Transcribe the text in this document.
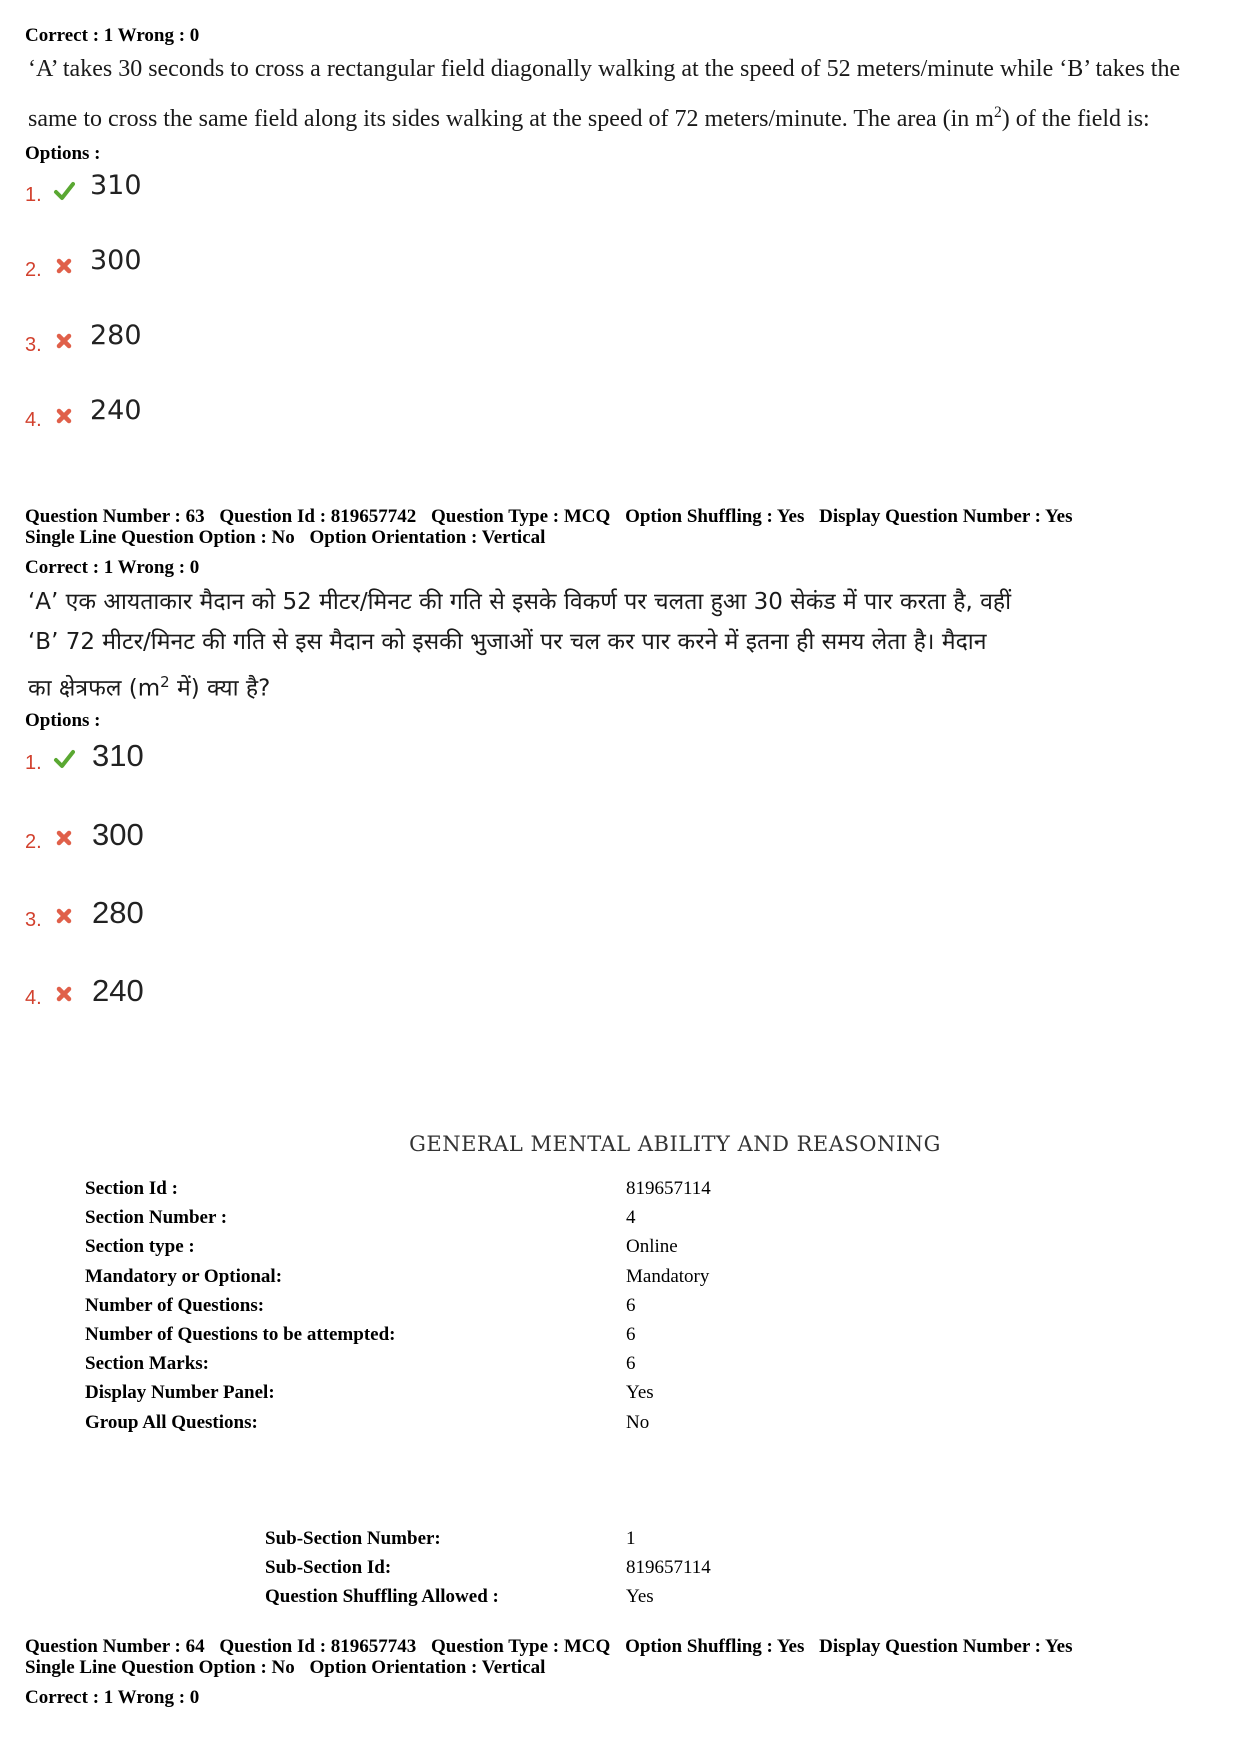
Correct : 1 Wrong : 0
‘A’ takes 30 seconds to cross a rectangular field diagonally walking at the speed of 52 meters/minute while ‘B’ takes the
same to cross the same field along its sides walking at the speed of 72 meters/minute. The area (in $m^2$) of the field is:
Options :
1. 310
2. 300
3. 280
4. 240
Question Number : 63 Question Id : 819657742 Question Type : MCQ Option Shuffling : Yes Display Question Number : Yes
Single Line Question Option : No Option Orientation : Vertical
Correct : 1 Wrong : 0
‘A’ एक आयताकार मैदान को 52 मीटर/मिनट की गति से इसके विकर्ण पर चलता हुआ 30 सेकंड में पार करता है, वहीं
‘B’ 72 मीटर/मिनट की गति से इस मैदान को इसकी भुजाओं पर चल कर पार करने में इतना ही समय लेता है। मैदान
का क्षेत्रफल ($m^2$ में) क्या है?
Options :
1. 310
2. 300
3. 280
4. 240
GENERAL MENTAL ABILITY AND REASONING
Section Id :	819657114
Section Number :	4
Section type :	Online
Mandatory or Optional:	Mandatory
Number of Questions:	6
Number of Questions to be attempted:	6
Section Marks:	6
Display Number Panel:	Yes
Group All Questions:	No
Sub-Section Number:	1
Sub-Section Id:	819657114
Question Shuffling Allowed :	Yes
Question Number : 64 Question Id : 819657743 Question Type : MCQ Option Shuffling : Yes Display Question Number : Yes
Single Line Question Option : No Option Orientation : Vertical
Correct : 1 Wrong : 0
